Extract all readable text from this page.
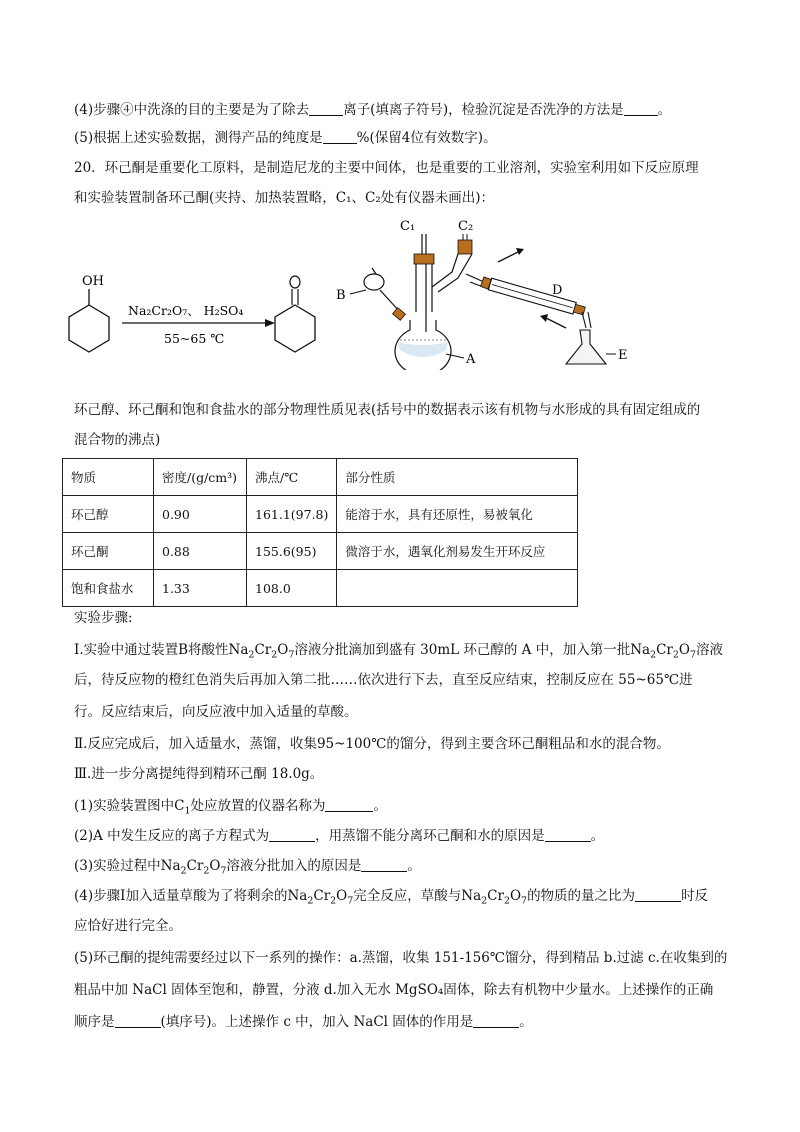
(4)步骤④中洗涤的目的主要是为了除去	离子(填离子符号)，检验沉淀是否洗净的方法是	。
(5)根据上述实验数据，测得产品的纯度是	%(保留4位有效数字)。
20．环己酮是重要化工原料，是制造尼龙的主要中间体，也是重要的工业溶剂，实验室利用如下反应原理
和实验装置制备环己酮(夹持、加热装置略，C₁、C₂处有仪器未画出)：
OH
Na₂Cr₂O₇、 H₂SO₄
55~65 ℃
C₁	C₂
D
E
B
A
环己醇、环己酮和饱和食盐水的部分物理性质见表(括号中的数据表示该有机物与水形成的具有固定组成的
混合物的沸点)
物质	密度/(g/cm³)	沸点/℃	部分性质
环己醇	0.90	161.1(97.8)	能溶于水，具有还原性，易被氧化
环己酮	0.88	155.6(95)	微溶于水，遇氧化剂易发生开环反应
饱和食盐水	1.33	108.0	
实验步骤:
Ⅰ.实验中通过装置B将酸性$Na_2Cr_2O_7$溶液分批滴加到盛有 30mL 环己醇的 A 中，加入第一批$Na_2Cr_2O_7$溶液
后，待反应物的橙红色消失后再加入第二批……依次进行下去，直至反应结束，控制反应在 55~65℃进
行。反应结束后，向反应液中加入适量的草酸。
Ⅱ.反应完成后，加入适量水，蒸馏，收集95~100℃的馏分，得到主要含环己酮粗品和水的混合物。
Ⅲ.进一步分离提纯得到精环己酮 18.0g。
(1)实验装置图中$C_1$处应放置的仪器名称为	。
(2)A 中发生反应的离子方程式为	，用蒸馏不能分离环己酮和水的原因是	。
(3)实验过程中$Na_2Cr_2O_7$溶液分批加入的原因是	。
(4)步骤Ⅰ加入适量草酸为了将剩余的$Na_2Cr_2O_7$完全反应，草酸与$Na_2Cr_2O_7$的物质的量之比为	时反
应恰好进行完全。
(5)环己酮的提纯需要经过以下一系列的操作：a.蒸馏，收集 151-156℃馏分，得到精品 b.过滤 c.在收集到的
粗品中加 NaCl 固体至饱和，静置，分液 d.加入无水 MgSO₄固体，除去有机物中少量水。上述操作的正确
顺序是	(填序号)。上述操作 c 中，加入 NaCl 固体的作用是	。
